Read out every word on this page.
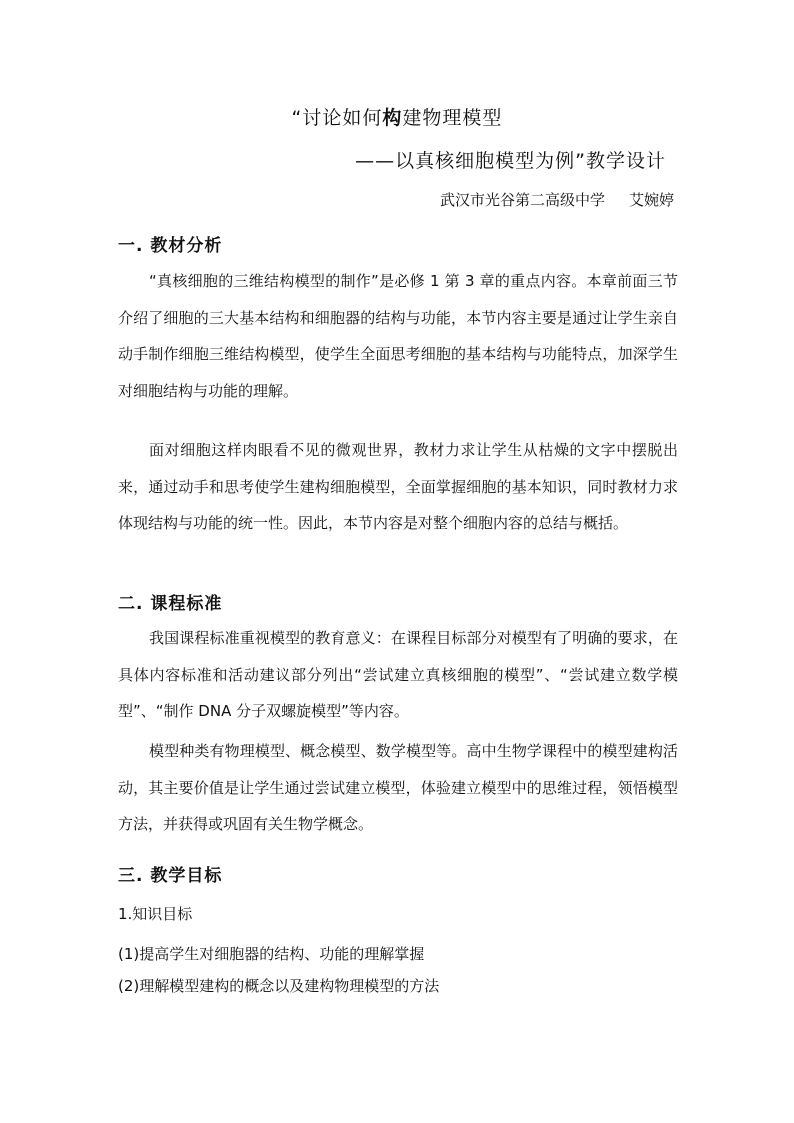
“讨论如何构建物理模型
——以真核细胞模型为例”教学设计
武汉市光谷第二高级中学 艾婉婷
一. 教材分析

“真核细胞的三维结构模型的制作”是必修 1 第 3 章的重点内容。本章前面三节介绍了细胞的三大基本结构和细胞器的结构与功能，本节内容主要是通过让学生亲自动手制作细胞三维结构模型，使学生全面思考细胞的基本结构与功能特点，加深学生对细胞结构与功能的理解。

面对细胞这样肉眼看不见的微观世界，教材力求让学生从枯燥的文字中摆脱出来，通过动手和思考使学生建构细胞模型，全面掌握细胞的基本知识，同时教材力求体现结构与功能的统一性。因此，本节内容是对整个细胞内容的总结与概括。

二. 课程标准

我国课程标准重视模型的教育意义：在课程目标部分对模型有了明确的要求，在具体内容标准和活动建议部分列出“尝试建立真核细胞的模型”、“尝试建立数学模型”、“制作 DNA 分子双螺旋模型”等内容。

模型种类有物理模型、概念模型、数学模型等。高中生物学课程中的模型建构活动，其主要价值是让学生通过尝试建立模型，体验建立模型中的思维过程，领悟模型方法，并获得或巩固有关生物学概念。

三. 教学目标
1.知识目标
(1)提高学生对细胞器的结构、功能的理解掌握
(2)理解模型建构的概念以及建构物理模型的方法
